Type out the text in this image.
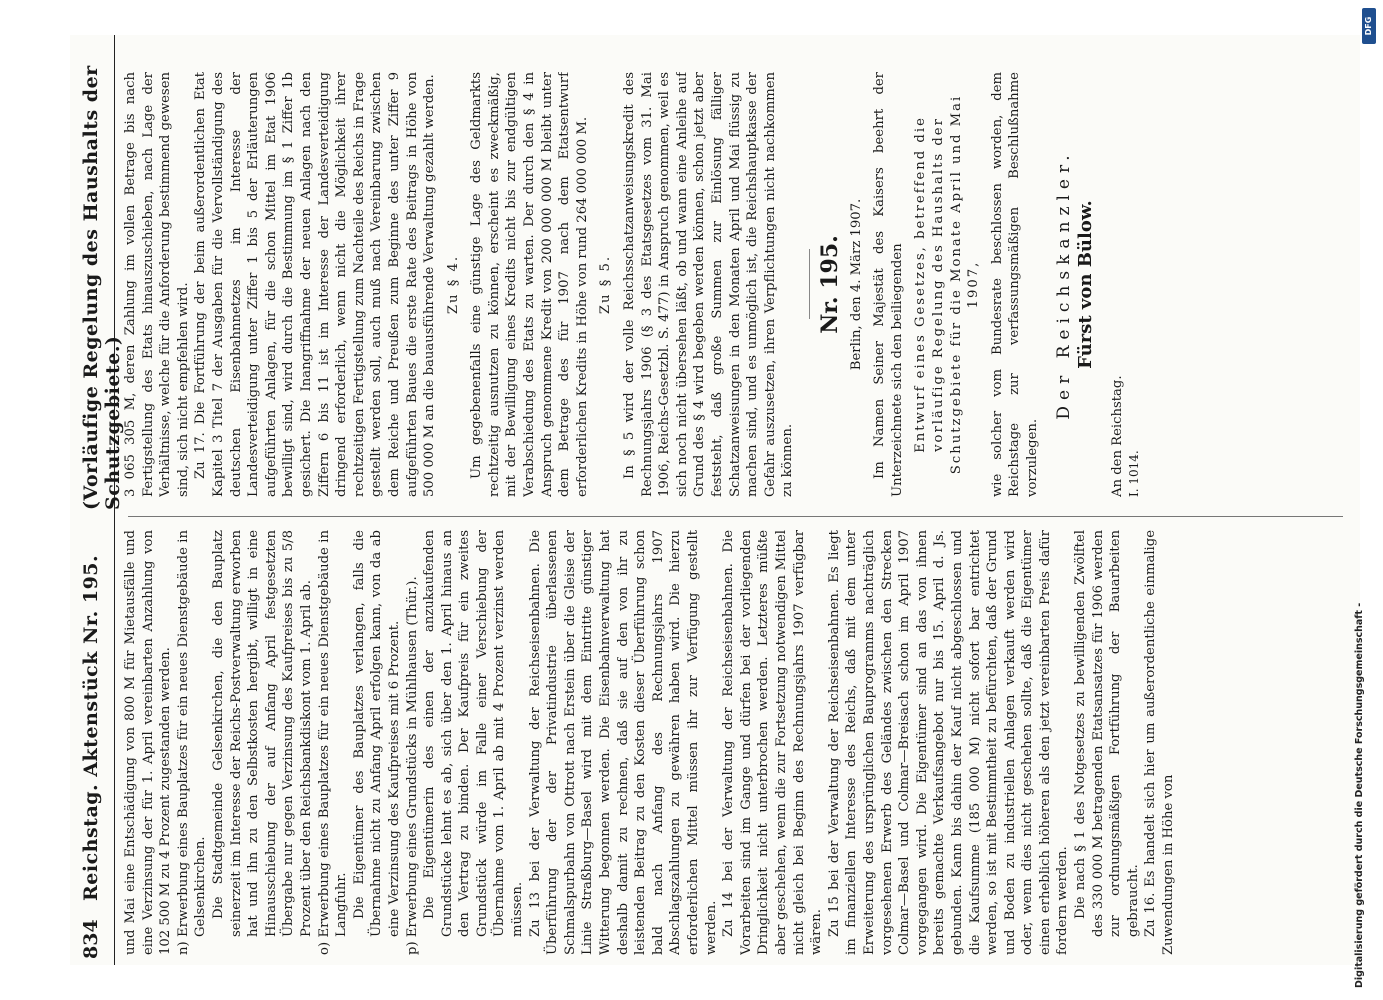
834
Reichstag. Aktenstück Nr. 195.
(Vorläufige Regelung des Haushalts der Schutzgebiete.)

und Mai eine Entschädigung von 800 M für Mietausfälle und eine Verzinsung der für 1. April vereinbarten Anzahlung von 102 500 M zu 4 Prozent zugestanden werden. n) Erwerbung eines Bauplatzes für ein neues Dienstgebäude in Gelsenkirchen. Die Stadtgemeinde Gelsenkirchen, die den Bauplatz seinerzeit im Interesse der Reichs-Postverwaltung erworben hat und ihn zu den Selbstkosten hergibt, willigt in eine Hinausschiebung der auf Anfang April festgesetzten Übergabe nur gegen Verzinsung des Kaufpreises bis zu 5/8 Prozent über den Reichsbankdiskont vom 1. April ab. o) Erwerbung eines Bauplatzes für ein neues Dienstgebäude in Langfuhr. Die Eigentümer des Bauplatzes verlangen, falls die Übernahme nicht zu Anfang April erfolgen kann, von da ab eine Verzinsung des Kaufpreises mit 6 Prozent. p) Erwerbung eines Grundstücks in Mühlhausen (Thür.). Die Eigentümerin des einen der anzukaufenden Grundstücke lehnt es ab, sich über den 1. April hinaus an den Vertrag zu binden. Der Kaufpreis für ein zweites Grundstück würde im Falle einer Verschiebung der Übernahme vom 1. April ab mit 4 Prozent verzinst werden müssen. Zu 13 bei der Verwaltung der Reichseisenbahnen. Die Überführung der der Privatindustrie überlassenen Schmalspurbahn von Ottrott nach Erstein über die Gleise der Linie Straßburg—Basel wird mit dem Eintritte günstiger Witterung begonnen werden. Die Eisenbahnverwaltung hat deshalb damit zu rechnen, daß sie auf den von ihr zu leistenden Beitrag zu den Kosten dieser Überführung schon bald nach Anfang des Rechnungsjahrs 1907 Abschlagszahlungen zu gewähren haben wird. Die hierzu erforderlichen Mittel müssen ihr zur Verfügung gestellt werden. Zu 14 bei der Verwaltung der Reichseisenbahnen. Die Vorarbeiten sind im Gange und dürfen bei der vorliegenden Dringlichkeit nicht unterbrochen werden. Letzteres müßte aber geschehen, wenn die zur Fortsetzung notwendigen Mittel nicht gleich bei Beginn des Rechnungsjahrs 1907 verfügbar wären. Zu 15 bei der Verwaltung der Reichseisenbahnen. Es liegt im finanziellen Interesse des Reichs, daß mit dem unter Erweiterung des ursprünglichen Bauprogramms nachträglich vorgesehenen Erwerb des Geländes zwischen den Strecken Colmar—Basel und Colmar—Breisach schon im April 1907 vorgegangen wird. Die Eigentümer sind an das von ihnen bereits gemachte Verkaufsangebot nur bis 15. April d. Js. gebunden. Kann bis dahin der Kauf nicht abgeschlossen und die Kaufsumme (185 000 M) nicht sofort bar entrichtet werden, so ist mit Bestimmtheit zu befürchten, daß der Grund und Boden zu industriellen Anlagen verkauft werden wird oder, wenn dies nicht geschehen sollte, daß die Eigentümer einen erheblich höheren als den jetzt vereinbarten Preis dafür fordern werden. Die nach § 1 des Notgesetzes zu bewilligenden Zwölftel des 330 000 M betragenden Etatsansatzes für 1906 werden zur ordnungsmäßigen Fortführung der Bauarbeiten gebraucht. Zu 16. Es handelt sich hier um außerordentliche einmalige Zuwendungen in Höhe von

3 065 305 M, deren Zahlung im vollen Betrage bis nach Fertigstellung des Etats hinauszuschieben, nach Lage der Verhältnisse, welche für die Anforderung bestimmend gewesen sind, sich nicht empfehlen wird. Zu 17. Die Fortführung der beim außerordentlichen Etat Kapitel 3 Titel 7 der Ausgaben für die Vervollständigung des deutschen Eisenbahnnetzes im Interesse der Landesverteidigung unter Ziffer 1 bis 5 der Erläuterungen aufgeführten Anlagen, für die schon Mittel im Etat 1906 bewilligt sind, wird durch die Bestimmung im § 1 Ziffer 1b gesichert. Die Inangriffnahme der neuen Anlagen nach den Ziffern 6 bis 11 ist im Interesse der Landesverteidigung dringend erforderlich, wenn nicht die Möglichkeit ihrer rechtzeitigen Fertigstellung zum Nachteile des Reichs in Frage gestellt werden soll, auch muß nach Vereinbarung zwischen dem Reiche und Preußen zum Beginne des unter Ziffer 9 aufgeführten Baues die erste Rate des Beitrags in Höhe von 500 000 M an die bauausführende Verwaltung gezahlt werden. Zu § 4. Um gegebenenfalls eine günstige Lage des Geldmarkts rechtzeitig ausnutzen zu können, erscheint es zweckmäßig, mit der Bewilligung eines Kredits nicht bis zur endgültigen Verabschiedung des Etats zu warten. Der durch den § 4 in Anspruch genommene Kredit von 200 000 000 M bleibt unter dem Betrage des für 1907 nach dem Etatsentwurf erforderlichen Kredits in Höhe von rund 264 000 000 M. Zu § 5. In § 5 wird der volle Reichsschatzanweisungskredit des Rechnungsjahrs 1906 (§ 3 des Etatsgesetzes vom 31. Mai 1906, Reichs-Gesetzbl. S. 477) in Anspruch genommen, weil es sich noch nicht übersehen läßt, ob und wann eine Anleihe auf Grund des § 4 wird begeben werden können, schon jetzt aber feststeht, daß große Summen zur Einlösung fälliger Schatzanweisungen in den Monaten April und Mai flüssig zu machen sind, und es unmöglich ist, die Reichshauptkasse der Gefahr auszusetzen, ihren Verpflichtungen nicht nachkommen zu können.

Nr. 195. Berlin, den 4. März 1907. Im Namen Seiner Majestät des Kaisers beehrt der Unterzeichnete sich den beiliegenden Entwurf eines Gesetzes, betreffend die vorläufige Regelung des Haushalts der Schutzgebiete für die Monate April und Mai 1907, wie solcher vom Bundesrate beschlossen worden, dem Reichstage zur verfassungsmäßigen Beschlußnahme vorzulegen.

Der Reichskanzler. Fürst von Bülow.

An den Reichstag. I. 1014.

Digitalisierung gefördert durch die Deutsche Forschungsgemeinschaft -
DFG
